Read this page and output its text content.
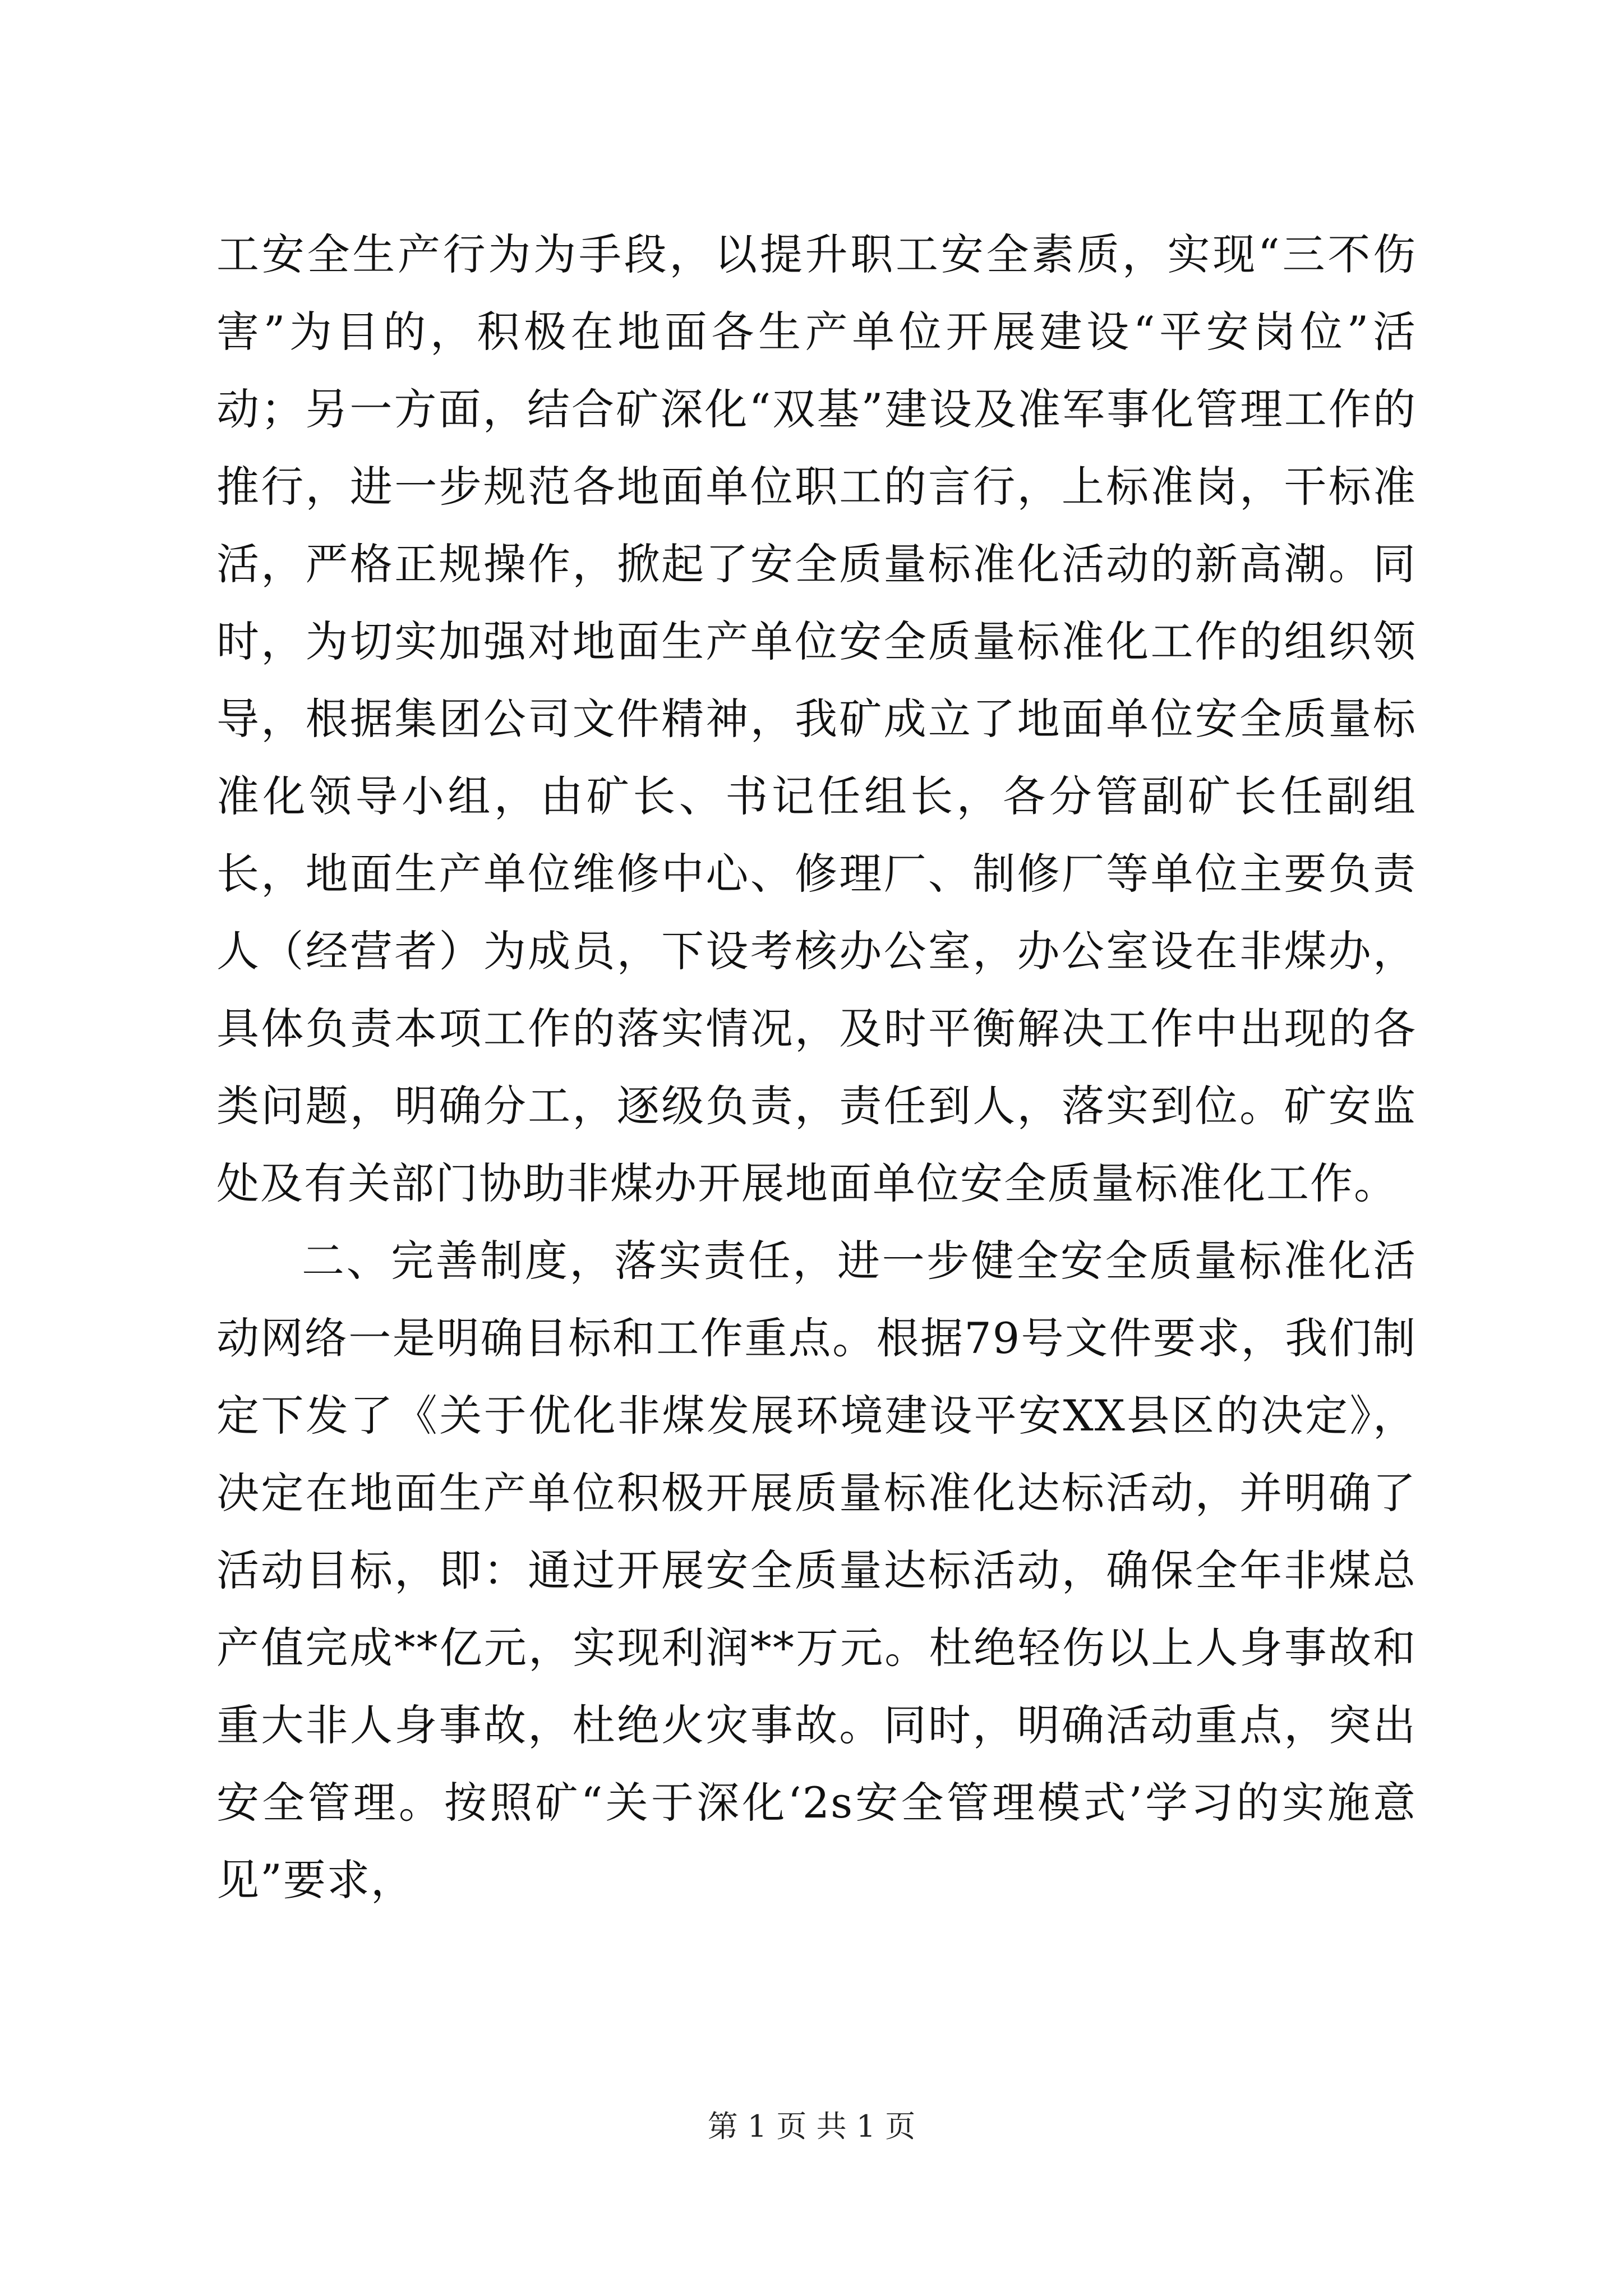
工安全生产行为为手段，以提升职工安全素质，实现“三不伤害”为目的，积极在地面各生产单位开展建设“平安岗位”活动；另一方面，结合矿深化“双基”建设及准军事化管理工作的推行，进一步规范各地面单位职工的言行，上标准岗，干标准活，严格正规操作，掀起了安全质量标准化活动的新高潮。同时，为切实加强对地面生产单位安全质量标准化工作的组织领导，根据集团公司文件精神，我矿成立了地面单位安全质量标准化领导小组，由矿长、书记任组长，各分管副矿长任副组长，地面生产单位维修中心、修理厂、制修厂等单位主要负责人（经营者）为成员，下设考核办公室，办公室设在非煤办，具体负责本项工作的落实情况，及时平衡解决工作中出现的各类问题，明确分工，逐级负责，责任到人，落实到位。矿安监处及有关部门协助非煤办开展地面单位安全质量标准化工作。

二、完善制度，落实责任，进一步健全安全质量标准化活动网络一是明确目标和工作重点。根据79号文件要求，我们制定下发了《关于优化非煤发展环境建设平安XX县区的决定》，决定在地面生产单位积极开展质量标准化达标活动，并明确了活动目标，即：通过开展安全质量达标活动，确保全年非煤总产值完成**亿元，实现利润**万元。杜绝轻伤以上人身事故和重大非人身事故，杜绝火灾事故。同时，明确活动重点，突出安全管理。按照矿“关于深化‘2s安全管理模式’学习的实施意见”要求，

第 1 页 共 1 页
